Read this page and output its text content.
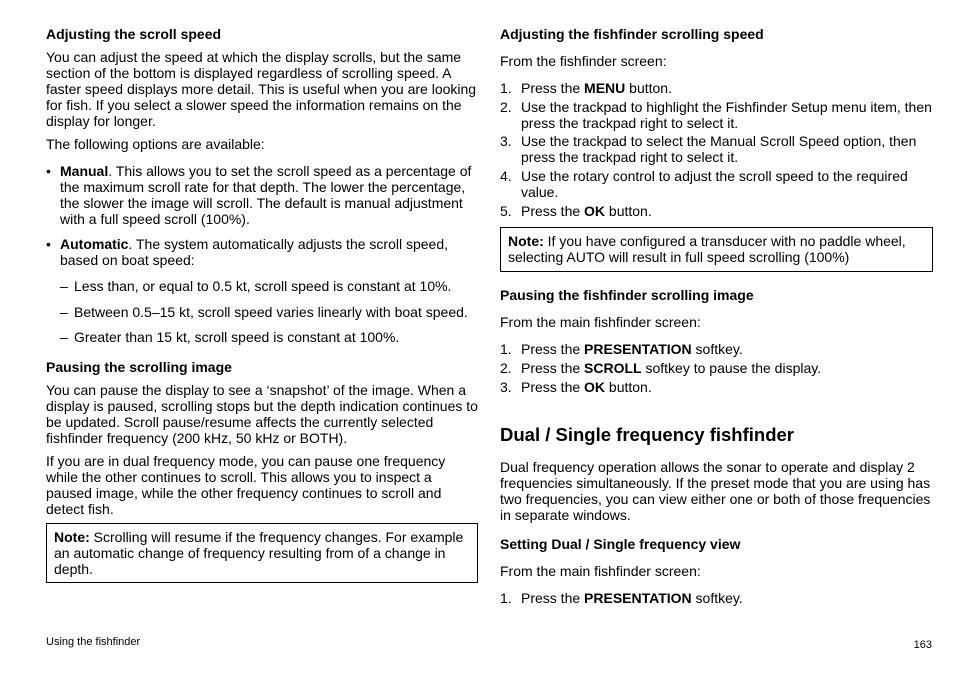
Adjusting the scroll speed

You can adjust the speed at which the display scrolls, but the same section of the bottom is displayed regardless of scrolling speed. A faster speed displays more detail. This is useful when you are looking for fish. If you select a slower speed the information remains on the display for longer.

The following options are available:

• Manual. This allows you to set the scroll speed as a percentage of the maximum scroll rate for that depth. The lower the percentage, the slower the image will scroll. The default is manual adjustment with a full speed scroll (100%).
• Automatic. The system automatically adjusts the scroll speed, based on boat speed:
– Less than, or equal to 0.5 kt, scroll speed is constant at 10%.
– Between 0.5–15 kt, scroll speed varies linearly with boat speed.
– Greater than 15 kt, scroll speed is constant at 100%.
Pausing the scrolling image

You can pause the display to see a ‘snapshot’ of the image. When a display is paused, scrolling stops but the depth indication continues to be updated. Scroll pause/resume affects the currently selected fishfinder frequency (200 kHz, 50 kHz or BOTH).

If you are in dual frequency mode, you can pause one frequency while the other continues to scroll. This allows you to inspect a paused image, while the other frequency continues to scroll and detect fish.

Note: Scrolling will resume if the frequency changes. For example an automatic change of frequency resulting from of a change in depth.
Adjusting the fishfinder scrolling speed

From the fishfinder screen:

1. Press the MENU button.
2. Use the trackpad to highlight the Fishfinder Setup menu item, then press the trackpad right to select it.
3. Use the trackpad to select the Manual Scroll Speed option, then press the trackpad right to select it.
4. Use the rotary control to adjust the scroll speed to the required value.
5. Press the OK button.
Note: If you have configured a transducer with no paddle wheel, selecting AUTO will result in full speed scrolling (100%)
Pausing the fishfinder scrolling image

From the main fishfinder screen:

1. Press the PRESENTATION softkey.
2. Press the SCROLL softkey to pause the display.
3. Press the OK button.
Dual / Single frequency fishfinder

Dual frequency operation allows the sonar to operate and display 2 frequencies simultaneously. If the preset mode that you are using has two frequencies, you can view either one or both of those frequencies in separate windows.

Setting Dual / Single frequency view

From the main fishfinder screen:

1. Press the PRESENTATION softkey.
Using the fishfinder	163
